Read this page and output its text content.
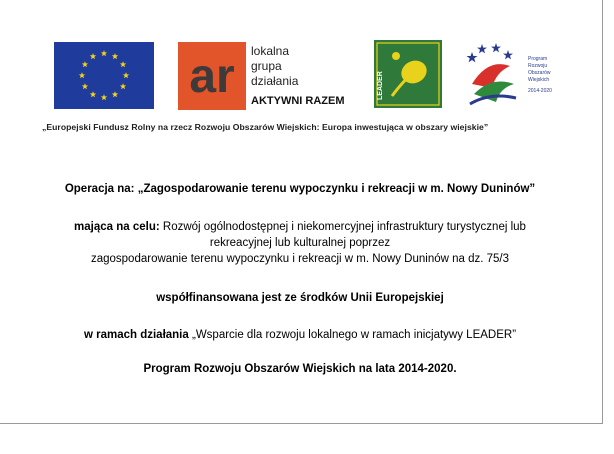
ar lokalna
grupa
działania
AKTYWNI RAZEM
LEADER
Program
Rozwoju
Obszarów
Wiejskich
2014-2020
„Europejski Fundusz Rolny na rzecz Rozwoju Obszarów Wiejskich: Europa inwestująca w obszary wiejskie”
Operacja na: „Zagospodarowanie terenu wypoczynku i rekreacji w m. Nowy Duninów”
mająca na celu: Rozwój ogólnodostępnej i niekomercyjnej infrastruktury turystycznej lub
rekreacyjnej lub kulturalnej poprzez
zagospodarowanie terenu wypoczynku i rekreacji w m. Nowy Duninów na dz. 75/3
współfinansowana jest ze środków Unii Europejskiej
w ramach działania „Wsparcie dla rozwoju lokalnego w ramach inicjatywy LEADER”
Program Rozwoju Obszarów Wiejskich na lata 2014-2020.
